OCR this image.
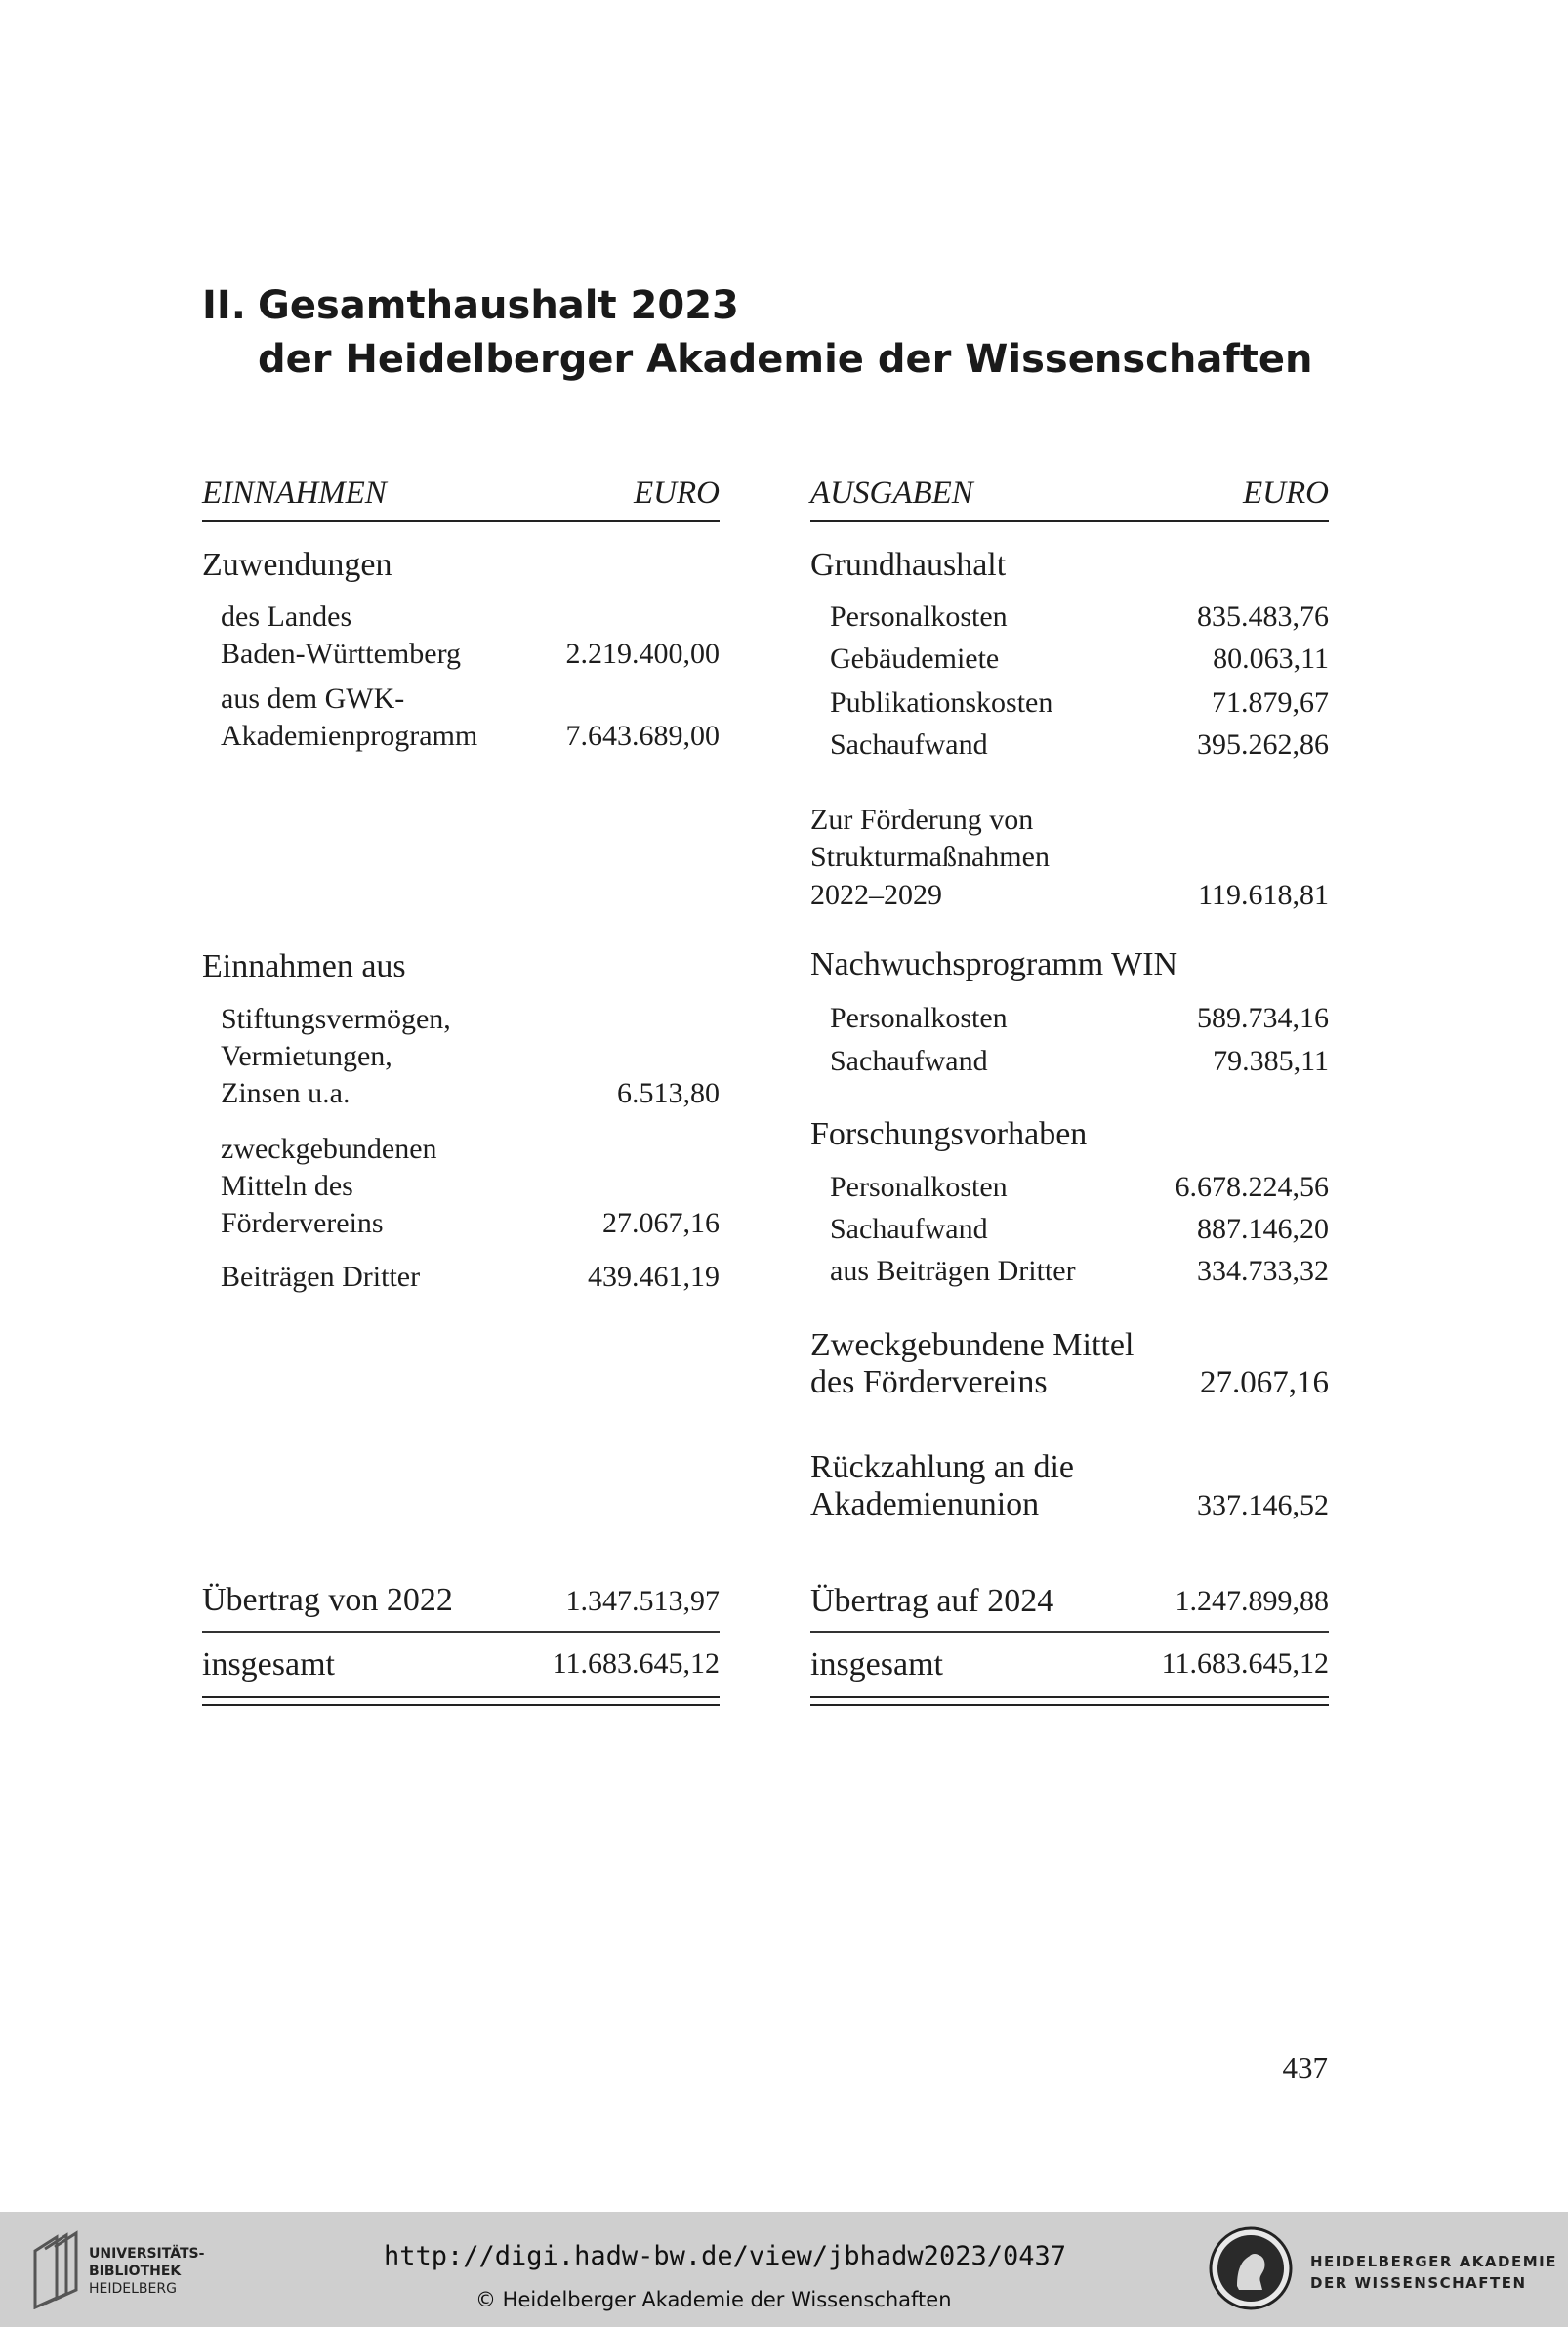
II. Gesamthaushalt 2023
der Heidelberger Akademie der Wissenschaften
EINNAHMEN	EURO
Zuwendungen
des Landes
Baden-Württemberg	2.219.400,00
aus dem GWK-
Akademienprogramm	7.643.689,00
Einnahmen aus
Stiftungsvermögen,
Vermietungen,
Zinsen u.a.	6.513,80
zweckgebundenen
Mitteln des
Fördervereins	27.067,16
Beiträgen Dritter	439.461,19
Übertrag von 2022	1.347.513,97
insgesamt	11.683.645,12
AUSGABEN	EURO
Grundhaushalt
Personalkosten	835.483,76
Gebäudemiete	80.063,11
Publikationskosten	71.879,67
Sachaufwand	395.262,86
Zur Förderung von
Strukturmaßnahmen
2022–2029	119.618,81
Nachwuchsprogramm WIN
Personalkosten	589.734,16
Sachaufwand	79.385,11
Forschungsvorhaben
Personalkosten	6.678.224,56
Sachaufwand	887.146,20
aus Beiträgen Dritter	334.733,32
Zweckgebundene Mittel
des Fördervereins	27.067,16
Rückzahlung an die
Akademienunion	337.146,52
Übertrag auf 2024	1.247.899,88
insgesamt	11.683.645,12
437
UNIVERSITÄTS-
BIBLIOTHEK
HEIDELBERG
http://digi.hadw-bw.de/view/jbhadw2023/0437
© Heidelberger Akademie der Wissenschaften
HEIDELBERGER AKADEMIE
DER WISSENSCHAFTEN
